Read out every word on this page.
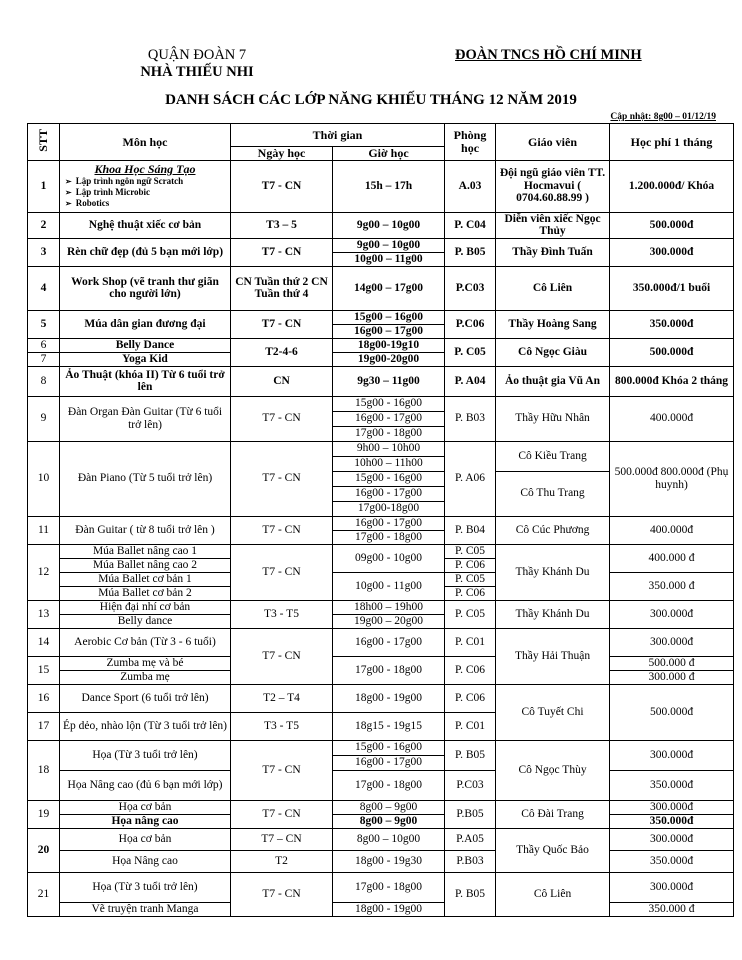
QUẬN ĐOÀN 7
NHÀ THIẾU NHI
ĐOÀN TNCS HỒ CHÍ MINH
DANH SÁCH CÁC LỚP NĂNG KHIẾU THÁNG 12 NĂM 2019
Cập nhật: 8g00 – 01/12/19
STT	Môn học	Thời gian		Phòng học	Giáo viên	Học phí 1 tháng
		Ngày học	Giờ học			
1	Khoa Học Sáng Tạo
➢ Lập trình ngôn ngữ Scratch
➢ Lập trình Microbic
➢ Robotics	T7 - CN	15h – 17h	A.03	Đội ngũ giáo viên TT. Hocmavui ( 0704.60.88.99 )	1.200.000đ/ Khóa
2	Nghệ thuật xiếc cơ bản	T3 – 5	9g00 – 10g00	P. C04	Diễn viên xiếc Ngọc Thủy	500.000đ
3	Rèn chữ đẹp (đủ 5 bạn mới lớp)	T7 - CN	9g00 – 10g00	P. B05	Thầy Đình Tuấn	300.000đ
			10g00 – 11g00			
4	Work Shop (vẽ tranh thư giãn cho người lớn)	CN Tuần thứ 2 CN Tuần thứ 4	14g00 – 17g00	P.C03	Cô Liên	350.000đ/1 buổi
5	Múa dân gian đương đại	T7 - CN	15g00 – 16g00	P.C06	Thầy Hoàng Sang	350.000đ
			16g00 – 17g00			
6	Belly Dance	T2-4-6	18g00-19g10	P. C05	Cô Ngọc Giàu	500.000đ
7	Yoga Kid		19g00-20g00			
8	Ảo Thuật (khóa II) Từ 6 tuổi trở lên	CN	9g30 – 11g00	P. A04	Ảo thuật gia Vũ An	800.000đ Khóa 2 tháng
9	Đàn Organ Đàn Guitar (Từ 6 tuổi trở lên)	T7 - CN	15g00 - 16g00	P. B03	Thầy Hữu Nhân	400.000đ
			16g00 - 17g00			
			17g00 - 18g00			
10	Đàn Piano (Từ 5 tuổi trở lên)	T7 - CN	9h00 – 10h00	P. A06	Cô Kiều Trang	500.000đ 800.000đ (Phụ huynh)
			10h00 – 11h00			
			15g00 - 16g00		Cô Thu Trang	
			16g00 - 17g00			
			17g00-18g00			
11	Đàn Guitar ( từ 8 tuổi trở lên )	T7 - CN	16g00 - 17g00	P. B04	Cô Cúc Phương	400.000đ
			17g00 - 18g00			
12	Múa Ballet nâng cao 1	T7 - CN	09g00 - 10g00	P. C05	Thầy Khánh Du	400.000 đ
	Múa Ballet nâng cao 2			P. C06		
	Múa Ballet cơ bản 1		10g00 - 11g00	P. C05		350.000 đ
	Múa Ballet cơ bản 2			P. C06		
13	Hiện đại nhí cơ bản	T3 - T5	18h00 – 19h00	P. C05	Thầy Khánh Du	300.000đ
	Belly dance		19g00 – 20g00			
14	Aerobic Cơ bản (Từ 3 - 6 tuổi)	T7 - CN	16g00 - 17g00	P. C01	Thầy Hải Thuận	300.000đ
15	Zumba mẹ và bé		17g00 - 18g00	P. C06		500.000 đ
	Zumba mẹ					300.000 đ
16	Dance Sport (6 tuổi trở lên)	T2 – T4	18g00 - 19g00	P. C06	Cô Tuyết Chi	500.000đ
17	Ép dẻo, nhào lộn (Từ 3 tuổi trở lên)	T3 - T5	18g15 - 19g15	P. C01		
18	Họa (Từ 3 tuổi trở lên)	T7 - CN	15g00 - 16g00	P. B05	Cô Ngọc Thùy	300.000đ
			16g00 - 17g00			
	Họa Nâng cao (đủ 6 bạn mới lớp)		17g00 - 18g00	P.C03		350.000đ
19	Họa cơ bản	T7 - CN	8g00 – 9g00	P.B05	Cô Đài Trang	300.000đ
	Họa nâng cao		8g00 – 9g00			350.000đ
20	Họa cơ bản	T7 – CN	8g00 – 10g00	P.A05	Thầy Quốc Bảo	300.000đ
	Họa Nâng cao	T2	18g00 - 19g30	P.B03		350.000đ
21	Họa (Từ 3 tuổi trở lên)	T7 - CN	17g00 - 18g00	P. B05	Cô Liên	300.000đ
	Vẽ truyện tranh Manga		18g00 - 19g00			350.000 đ
